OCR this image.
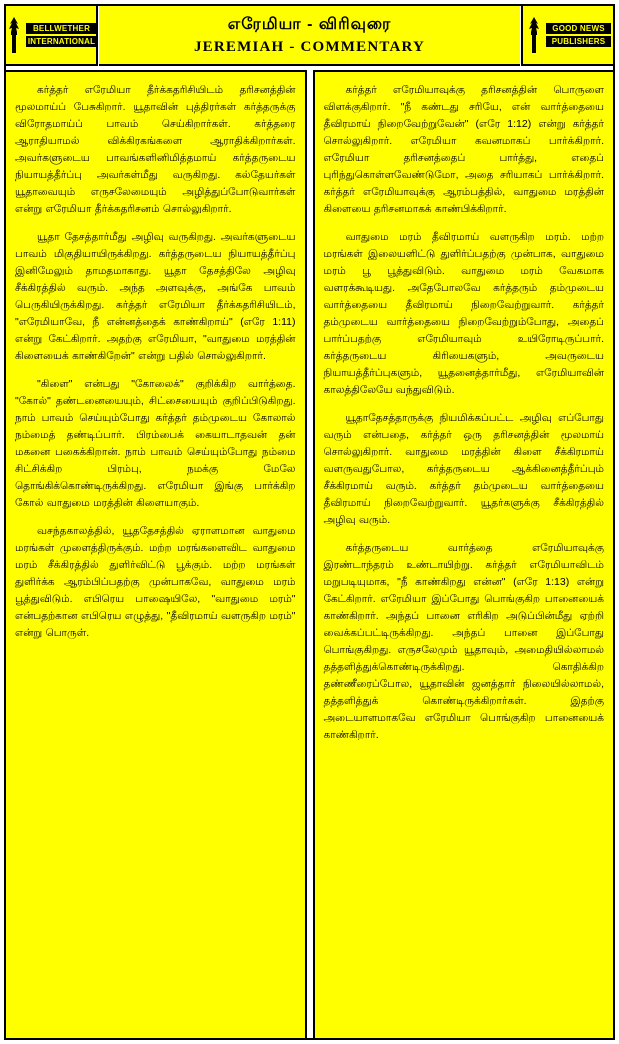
BELLWETHER
INTERNATIONAL
எரேமியா - விரிவுரை
JEREMIAH - COMMENTARY
GOOD NEWS
PUBLISHERS

கர்த்தர் எரேமியா தீர்க்கதரிசியிடம் தரிசனத்தின் மூலமாய்ப் பேசுகிறார். யூதாவின் புத்திரர்கள் கர்த்தருக்கு விரோதமாய்ப் பாவம் செய்கிறார்கள். கர்த்தரை ஆராதியாமல் விக்கிரகங்களை ஆராதிக்கிறார்கள். அவர்களுடைய பாவங்களினிமித்தமாய் கர்த்தருடைய நியாயத்தீர்ப்பு அவர்கள்மீது வருகிறது. கல்தேயர்கள் யூதாவையும் எருசலேமையும் அழித்துப்போடுவார்கள் என்று எரேமியா தீர்க்கதரிசனம் சொல்லுகிறார்.

யூதா தேசத்தார்மீது அழிவு வருகிறது. அவர்களுடைய பாவம் மிகுதியாயிருக்கிறது. கர்த்தருடைய நியாயத்தீர்ப்பு இனிமேலும் தாமதமாகாது. யூதா தேசத்திலே அழிவு சீக்கிரத்தில் வரும். அந்த அளவுக்கு, அங்கே பாவம் பெருகியிருக்கிறது. கர்த்தர் எரேமியா தீர்க்கதரிசியிடம், "எரேமியாவே, நீ என்னத்தைக் காண்கிறாய்" (எரே 1:11) என்று கேட்கிறார். அதற்கு எரேமியா, "வாதுமை மரத்தின் கிளையைக் காண்கிறேன்" என்று பதில் சொல்லுகிறார்.

"கிளை" என்பது "கோலைக்" குறிக்கிற வார்த்தை. "கோல்" தண்டனையையும், சிட்சையையும் குறிப்பிடுகிறது. நாம் பாவம் செய்யும்போது கர்த்தர் தம்முடைய கோலால் நம்மைத் தண்டிப்பார். பிரம்பைக் கையாடாதவன் தன் மகனை பகைக்கிறான். நாம் பாவம் செய்யும்போது நம்மை சிட்சிக்கிற பிரம்பு, நமக்கு மேலே தொங்கிக்கொண்டிருக்கிறது. எரேமியா இங்கு பார்க்கிற கோல் வாதுமை மரத்தின் கிளையாகும்.

வசந்தகாலத்தில், யூததேசத்தில் ஏராளமான வாதுமை மரங்கள் முளைத்திருக்கும். மற்ற மரங்களைவிட வாதுமை மரம் சீக்கிரத்தில் துளிர்விட்டு பூக்கும். மற்ற மரங்கள் துளிர்க்க ஆரம்பிப்பதற்கு முன்பாகவே, வாதுமை மரம் பூத்துவிடும். எபிரெய பாஷையிலே, "வாதுமை மரம்" என்பதற்கான எபிரெய எழுத்து, "தீவிரமாய் வளருகிற மரம்" என்று பொருள்.

கர்த்தர் எரேமியாவுக்கு தரிசனத்தின் பொருளை விளக்குகிறார். "நீ கண்டது சரியே, என் வார்த்தையை தீவிரமாய் நிறைவேற்றுவேன்" (எரே 1:12) என்று கர்த்தர் சொல்லுகிறார். எரேமியா கவனமாகப் பார்க்கிறார். எரேமியா தரிசனத்தைப் பார்த்து, எதைப் புரிந்துகொள்ளவேண்டுமோ, அதை சரியாகப் பார்க்கிறார். கர்த்தர் எரேமியாவுக்கு ஆரம்பத்தில், வாதுமை மரத்தின் கிளையை தரிசனமாகக் காண்பிக்கிறார்.

வாதுமை மரம் தீவிரமாய் வளருகிற மரம். மற்ற மரங்கள் இலையளிட்டு துளிர்ப்பதற்கு முன்பாக, வாதுமை மரம் பூ பூத்துவிடும். வாதுமை மரம் வேகமாக வளரக்கூடியது. அதேபோலவே கர்த்தரும் தம்முடைய வார்த்தையை தீவிரமாய் நிறைவேற்றுவார். கர்த்தர் தம்முடைய வார்த்தையை நிறைவேற்றும்போது, அதைப் பார்ப்பதற்கு எரேமியாவும் உயிரோடிருப்பார். கர்த்தருடைய கிரியைகளும், அவருடைய நியாயத்தீர்ப்புகளும், யூதனைத்தார்மீது, எரேமியாவின் காலத்திலேயே வந்துவிடும்.

யூதாதேசத்தாருக்கு நியமிக்கப்பட்ட அழிவு எப்போது வரும் என்பதை, கர்த்தர் ஒரு தரிசனத்தின் மூலமாய் சொல்லுகிறார். வாதுமை மரத்தின் கிளை சீக்கிரமாய் வளருவதுபோல, கர்த்தருடைய ஆக்கினைத்தீர்ப்பும் சீக்கிரமாய் வரும். கர்த்தர் தம்முடைய வார்த்தையை தீவிரமாய் நிறைவேற்றுவார். யூதர்களுக்கு சீக்கிரத்தில் அழிவு வரும்.

கர்த்தருடைய வார்த்தை எரேமியாவுக்கு இரண்டாந்தரம் உண்டாயிற்று. கர்த்தர் எரேமியாவிடம் மறுபடியுமாக, "நீ காண்கிறது என்ன" (எரே 1:13) என்று கேட்கிறார். எரேமியா இப்போது பொங்குகிற பானையைக் காண்கிறார். அந்தப் பானை எரிகிற அடுப்பின்மீது ஏற்றி வைக்கப்பட்டிருக்கிறது. அந்தப் பானை இப்போது பொங்குகிறது. எருசலேமும் யூதாவும், அமைதியில்லாமல் தத்தளித்துக்கொண்டிருக்கிறது. கொதிக்கிற தண்ணீரைப்போல, யூதாவின் ஜனத்தார் நிலையில்லாமல், தத்தளித்துக் கொண்டிருக்கிறார்கள். இதற்கு அடையாளமாகவே எரேமியா பொங்குகிற பானையைக் காண்கிறார்.
